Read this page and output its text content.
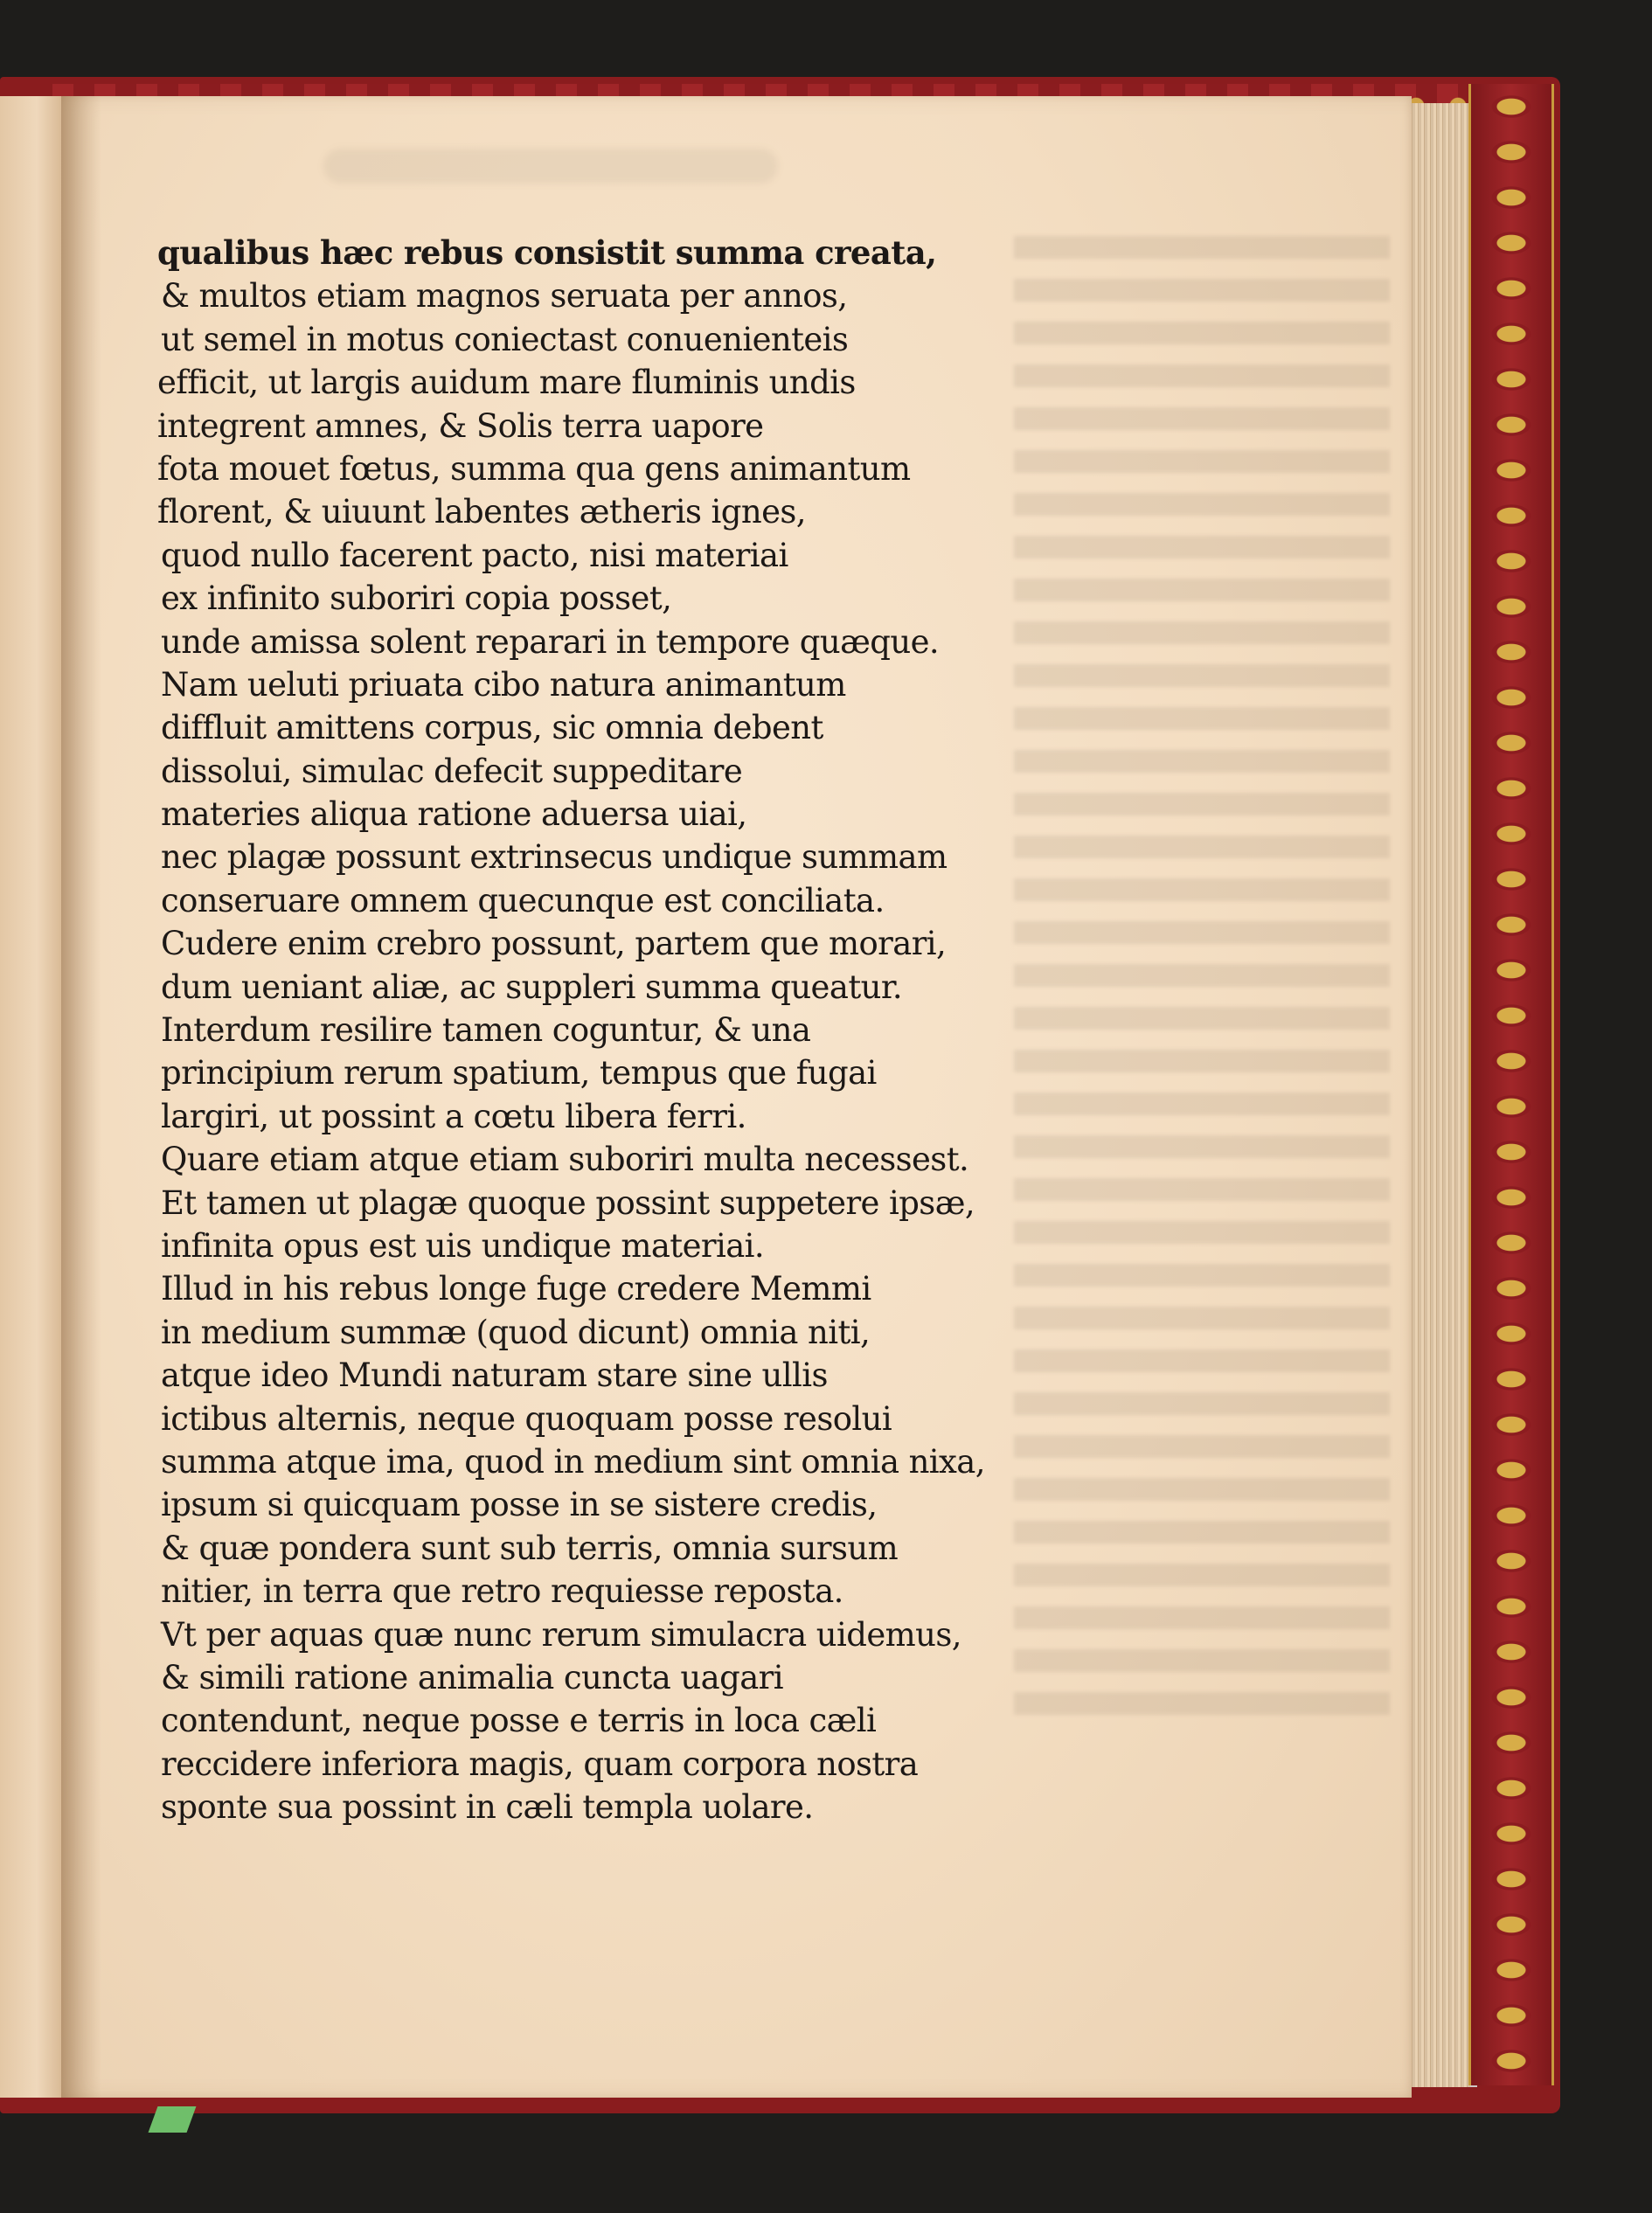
qualibus hæc rebus consistit summa creata,
& multos etiam magnos seruata per annos,
ut semel in motus coniectast conuenienteis
efficit, ut largis auidum mare fluminis undis
integrent amnes, & Solis terra uapore
fota mouet fœtus, summa qua gens animantum
florent, & uiuunt labentes ætheris ignes,
quod nullo facerent pacto, nisi materiai
ex infinito suboriri copia posset,
unde amissa solent reparari in tempore quæque.
Nam ueluti priuata cibo natura animantum
diffluit amittens corpus, sic omnia debent
dissolui, simulac defecit suppeditare
materies aliqua ratione aduersa uiai,
nec plagæ possunt extrinsecus undique summam
conseruare omnem quecunque est conciliata.
Cudere enim crebro possunt, partem que morari,
dum ueniant aliæ, ac suppleri summa queatur.
Interdum resilire tamen coguntur, & una
principium rerum spatium, tempus que fugai
largiri, ut possint a cœtu libera ferri.
Quare etiam atque etiam suboriri multa necessest.
Et tamen ut plagæ quoque possint suppetere ipsæ,
infinita opus est uis undique materiai.
Illud in his rebus longe fuge credere Memmi
in medium summæ (quod dicunt) omnia niti,
atque ideo Mundi naturam stare sine ullis
ictibus alternis, neque quoquam posse resolui
summa atque ima, quod in medium sint omnia nixa,
ipsum si quicquam posse in se sistere credis,
& quæ pondera sunt sub terris, omnia sursum
nitier, in terra que retro requiesse reposta.
Vt per aquas quæ nunc rerum simulacra uidemus,
& simili ratione animalia cuncta uagari
contendunt, neque posse e terris in loca cæli
reccidere inferiora magis, quam corpora nostra
sponte sua possint in cæli templa uolare.
